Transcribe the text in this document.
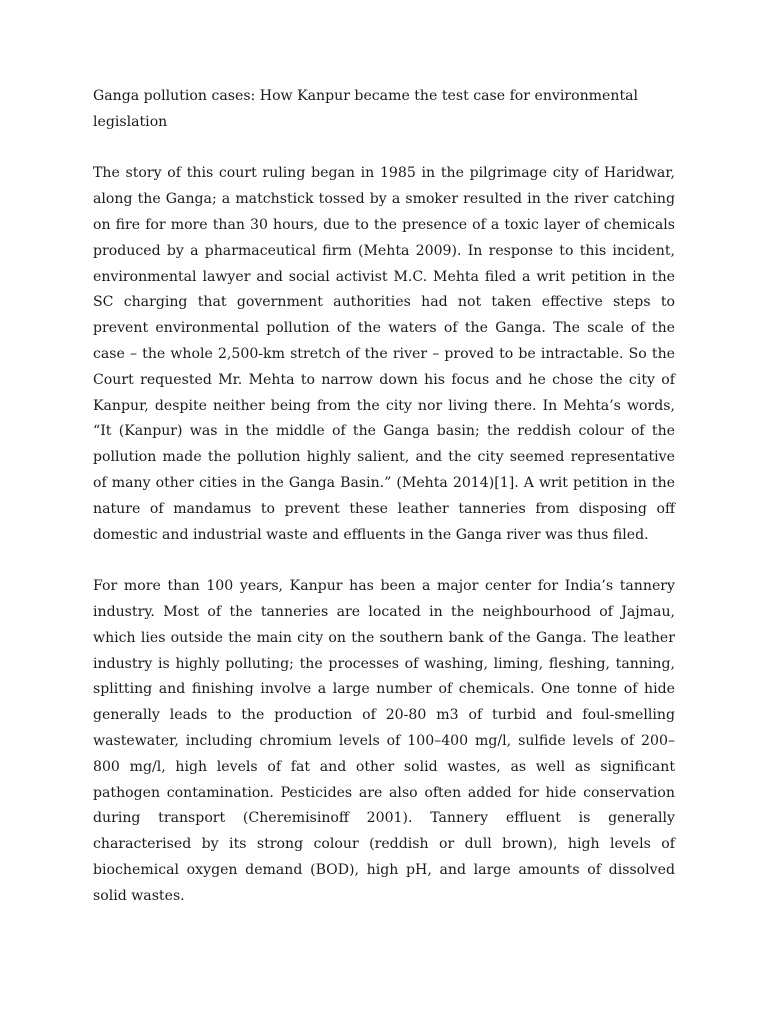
Ganga pollution cases: How Kanpur became the test case for environmental legislation

The story of this court ruling began in 1985 in the pilgrimage city of Haridwar, along the Ganga; a matchstick tossed by a smoker resulted in the river catching on fire for more than 30 hours, due to the presence of a toxic layer of chemicals produced by a pharmaceutical firm (Mehta 2009). In response to this incident, environmental lawyer and social activist M.C. Mehta filed a writ petition in the SC charging that government authorities had not taken effective steps to prevent environmental pollution of the waters of the Ganga. The scale of the case – the whole 2,500-km stretch of the river – proved to be intractable. So the Court requested Mr. Mehta to narrow down his focus and he chose the city of Kanpur, despite neither being from the city nor living there. In Mehta’s words, “It (Kanpur) was in the middle of the Ganga basin; the reddish colour of the pollution made the pollution highly salient, and the city seemed representative of many other cities in the Ganga Basin.” (Mehta 2014)[1]. A writ petition in the nature of mandamus to prevent these leather tanneries from disposing off domestic and industrial waste and effluents in the Ganga river was thus filed.

For more than 100 years, Kanpur has been a major center for India’s tannery industry. Most of the tanneries are located in the neighbourhood of Jajmau, which lies outside the main city on the southern bank of the Ganga. The leather industry is highly polluting; the processes of washing, liming, fleshing, tanning, splitting and finishing involve a large number of chemicals. One tonne of hide generally leads to the production of 20-80 m3 of turbid and foul-smelling wastewater, including chromium levels of 100–400 mg/l, sulfide levels of 200–800 mg/l, high levels of fat and other solid wastes, as well as significant pathogen contamination. Pesticides are also often added for hide conservation during transport (Cheremisinoff 2001). Tannery effluent is generally characterised by its strong colour (reddish or dull brown), high levels of biochemical oxygen demand (BOD), high pH, and large amounts of dissolved solid wastes.
